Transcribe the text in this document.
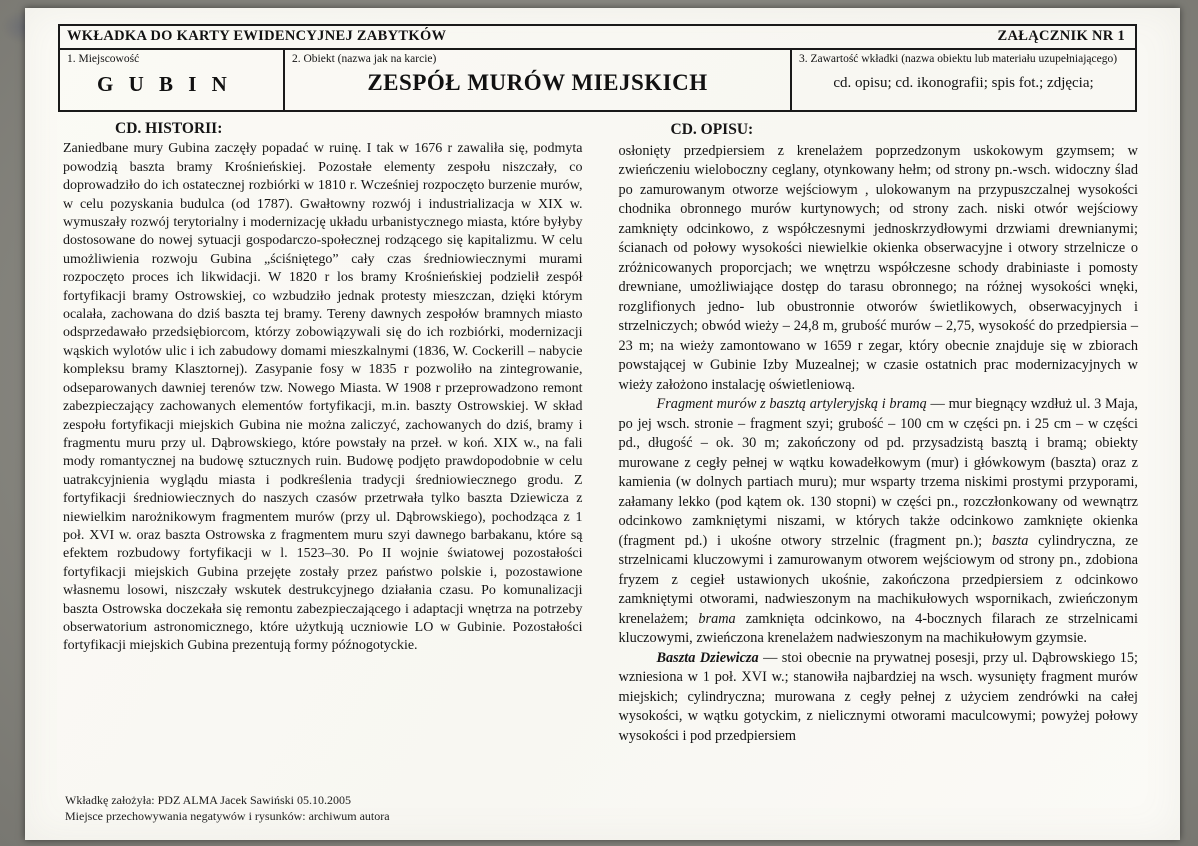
WKŁADKA DO KARTY EWIDENCYJNEJ ZABYTKÓW	ZAŁĄCZNIK NR 1
1. Miejscowość
G U B I N
2. Obiekt (nazwa jak na karcie)
ZESPÓŁ MURÓW MIEJSKICH
3. Zawartość wkładki (nazwa obiektu lub materiału uzupełniającego)
cd. opisu; cd. ikonografii; spis fot.; zdjęcia;

CD. HISTORII:

Zaniedbane mury Gubina zaczęły popadać w ruinę. I tak w 1676 r zawaliła się, podmyta powodzią baszta bramy Krośnieńskiej. Pozostałe elementy zespołu niszczały, co doprowadziło do ich ostatecznej rozbiórki w 1810 r. Wcześniej rozpoczęto burzenie murów, w celu pozyskania budulca (od 1787). Gwałtowny rozwój i industrializacja w XIX w. wymuszały rozwój terytorialny i modernizację układu urbanistycznego miasta, które byłyby dostosowane do nowej sytuacji gospodarczo-społecznej rodzącego się kapitalizmu. W celu umożliwienia rozwoju Gubina „ściśniętego” cały czas średniowiecznymi murami rozpoczęto proces ich likwidacji. W 1820 r los bramy Krośnieńskiej podzielił zespół fortyfikacji bramy Ostrowskiej, co wzbudziło jednak protesty mieszczan, dzięki którym ocalała, zachowana do dziś baszta tej bramy. Tereny dawnych zespołów bramnych miasto odsprzedawało przedsiębiorcom, którzy zobowiązywali się do ich rozbiórki, modernizacji wąskich wylotów ulic i ich zabudowy domami mieszkalnymi (1836, W. Cockerill – nabycie kompleksu bramy Klasztornej). Zasypanie fosy w 1835 r pozwoliło na zintegrowanie, odseparowanych dawniej terenów tzw. Nowego Miasta. W 1908 r przeprowadzono remont zabezpieczający zachowanych elementów fortyfikacji, m.in. baszty Ostrowskiej. W skład zespołu fortyfikacji miejskich Gubina nie można zaliczyć, zachowanych do dziś, bramy i fragmentu muru przy ul. Dąbrowskiego, które powstały na przeł. w koń. XIX w., na fali mody romantycznej na budowę sztucznych ruin. Budowę podjęto prawdopodobnie w celu uatrakcyjnienia wyglądu miasta i podkreślenia tradycji średniowiecznego grodu. Z fortyfikacji średniowiecznych do naszych czasów przetrwała tylko baszta Dziewicza z niewielkim narożnikowym fragmentem murów (przy ul. Dąbrowskiego), pochodząca z 1 poł. XVI w. oraz baszta Ostrowska z fragmentem muru szyi dawnego barbakanu, które są efektem rozbudowy fortyfikacji w l. 1523–30. Po II wojnie światowej pozostałości fortyfikacji miejskich Gubina przejęte zostały przez państwo polskie i, pozostawione własnemu losowi, niszczały wskutek destrukcyjnego działania czasu. Po komunalizacji baszta Ostrowska doczekała się remontu zabezpieczającego i adaptacji wnętrza na potrzeby obserwatorium astronomicznego, które użytkują uczniowie LO w Gubinie. Pozostałości fortyfikacji miejskich Gubina prezentują formy późnogotyckie.

CD. OPISU:

osłonięty przedpiersiem z krenelażem poprzedzonym uskokowym gzymsem; w zwieńczeniu wieloboczny ceglany, otynkowany hełm; od strony pn.-wsch. widoczny ślad po zamurowanym otworze wejściowym , ulokowanym na przypuszczalnej wysokości chodnika obronnego murów kurtynowych; od strony zach. niski otwór wejściowy zamknięty odcinkowo, z współczesnymi jednoskrzydłowymi drzwiami drewnianymi; ścianach od połowy wysokości niewielkie okienka obserwacyjne i otwory strzelnicze o zróżnicowanych proporcjach; we wnętrzu współczesne schody drabiniaste i pomosty drewniane, umożliwiające dostęp do tarasu obronnego; na różnej wysokości wnęki, rozglifionych jedno- lub obustronnie otworów świetlikowych, obserwacyjnych i strzelniczych; obwód wieży – 24,8 m, grubość murów – 2,75, wysokość do przedpiersia – 23 m; na wieży zamontowano w 1659 r zegar, który obecnie znajduje się w zbiorach powstającej w Gubinie Izby Muzealnej; w czasie ostatnich prac modernizacyjnych w wieży założono instalację oświetleniową.

Fragment murów z basztą artyleryjską i bramą — mur biegnący wzdłuż ul. 3 Maja, po jej wsch. stronie – fragment szyi; grubość – 100 cm w części pn. i 25 cm – w części pd., długość – ok. 30 m; zakończony od pd. przysadzistą basztą i bramą; obiekty murowane z cegły pełnej w wątku kowadełkowym (mur) i główkowym (baszta) oraz z kamienia (w dolnych partiach muru); mur wsparty trzema niskimi prostymi przyporami, załamany lekko (pod kątem ok. 130 stopni) w części pn., rozczłonkowany od wewnątrz odcinkowo zamkniętymi niszami, w których także odcinkowo zamknięte okienka (fragment pd.) i ukośne otwory strzelnic (fragment pn.); baszta cylindryczna, ze strzelnicami kluczowymi i zamurowanym otworem wejściowym od strony pn., zdobiona fryzem z cegieł ustawionych ukośnie, zakończona przedpiersiem z odcinkowo zamkniętymi otworami, nadwieszonym na machikułowych wspornikach, zwieńczonym krenelażem; brama zamknięta odcinkowo, na 4-bocznych filarach ze strzelnicami kluczowymi, zwieńczona krenelażem nadwieszonym na machikułowym gzymsie.

Baszta Dziewicza — stoi obecnie na prywatnej posesji, przy ul. Dąbrowskiego 15; wzniesiona w 1 poł. XVI w.; stanowiła najbardziej na wsch. wysunięty fragment murów miejskich; cylindryczna; murowana z cegły pełnej z użyciem zendrówki na całej wysokości, w wątku gotyckim, z nielicznymi otworami maculcowymi; powyżej połowy wysokości i pod przedpiersiem

Wkładkę założyła: PDZ ALMA Jacek Sawiński 05.10.2005
Miejsce przechowywania negatywów i rysunków: archiwum autora
